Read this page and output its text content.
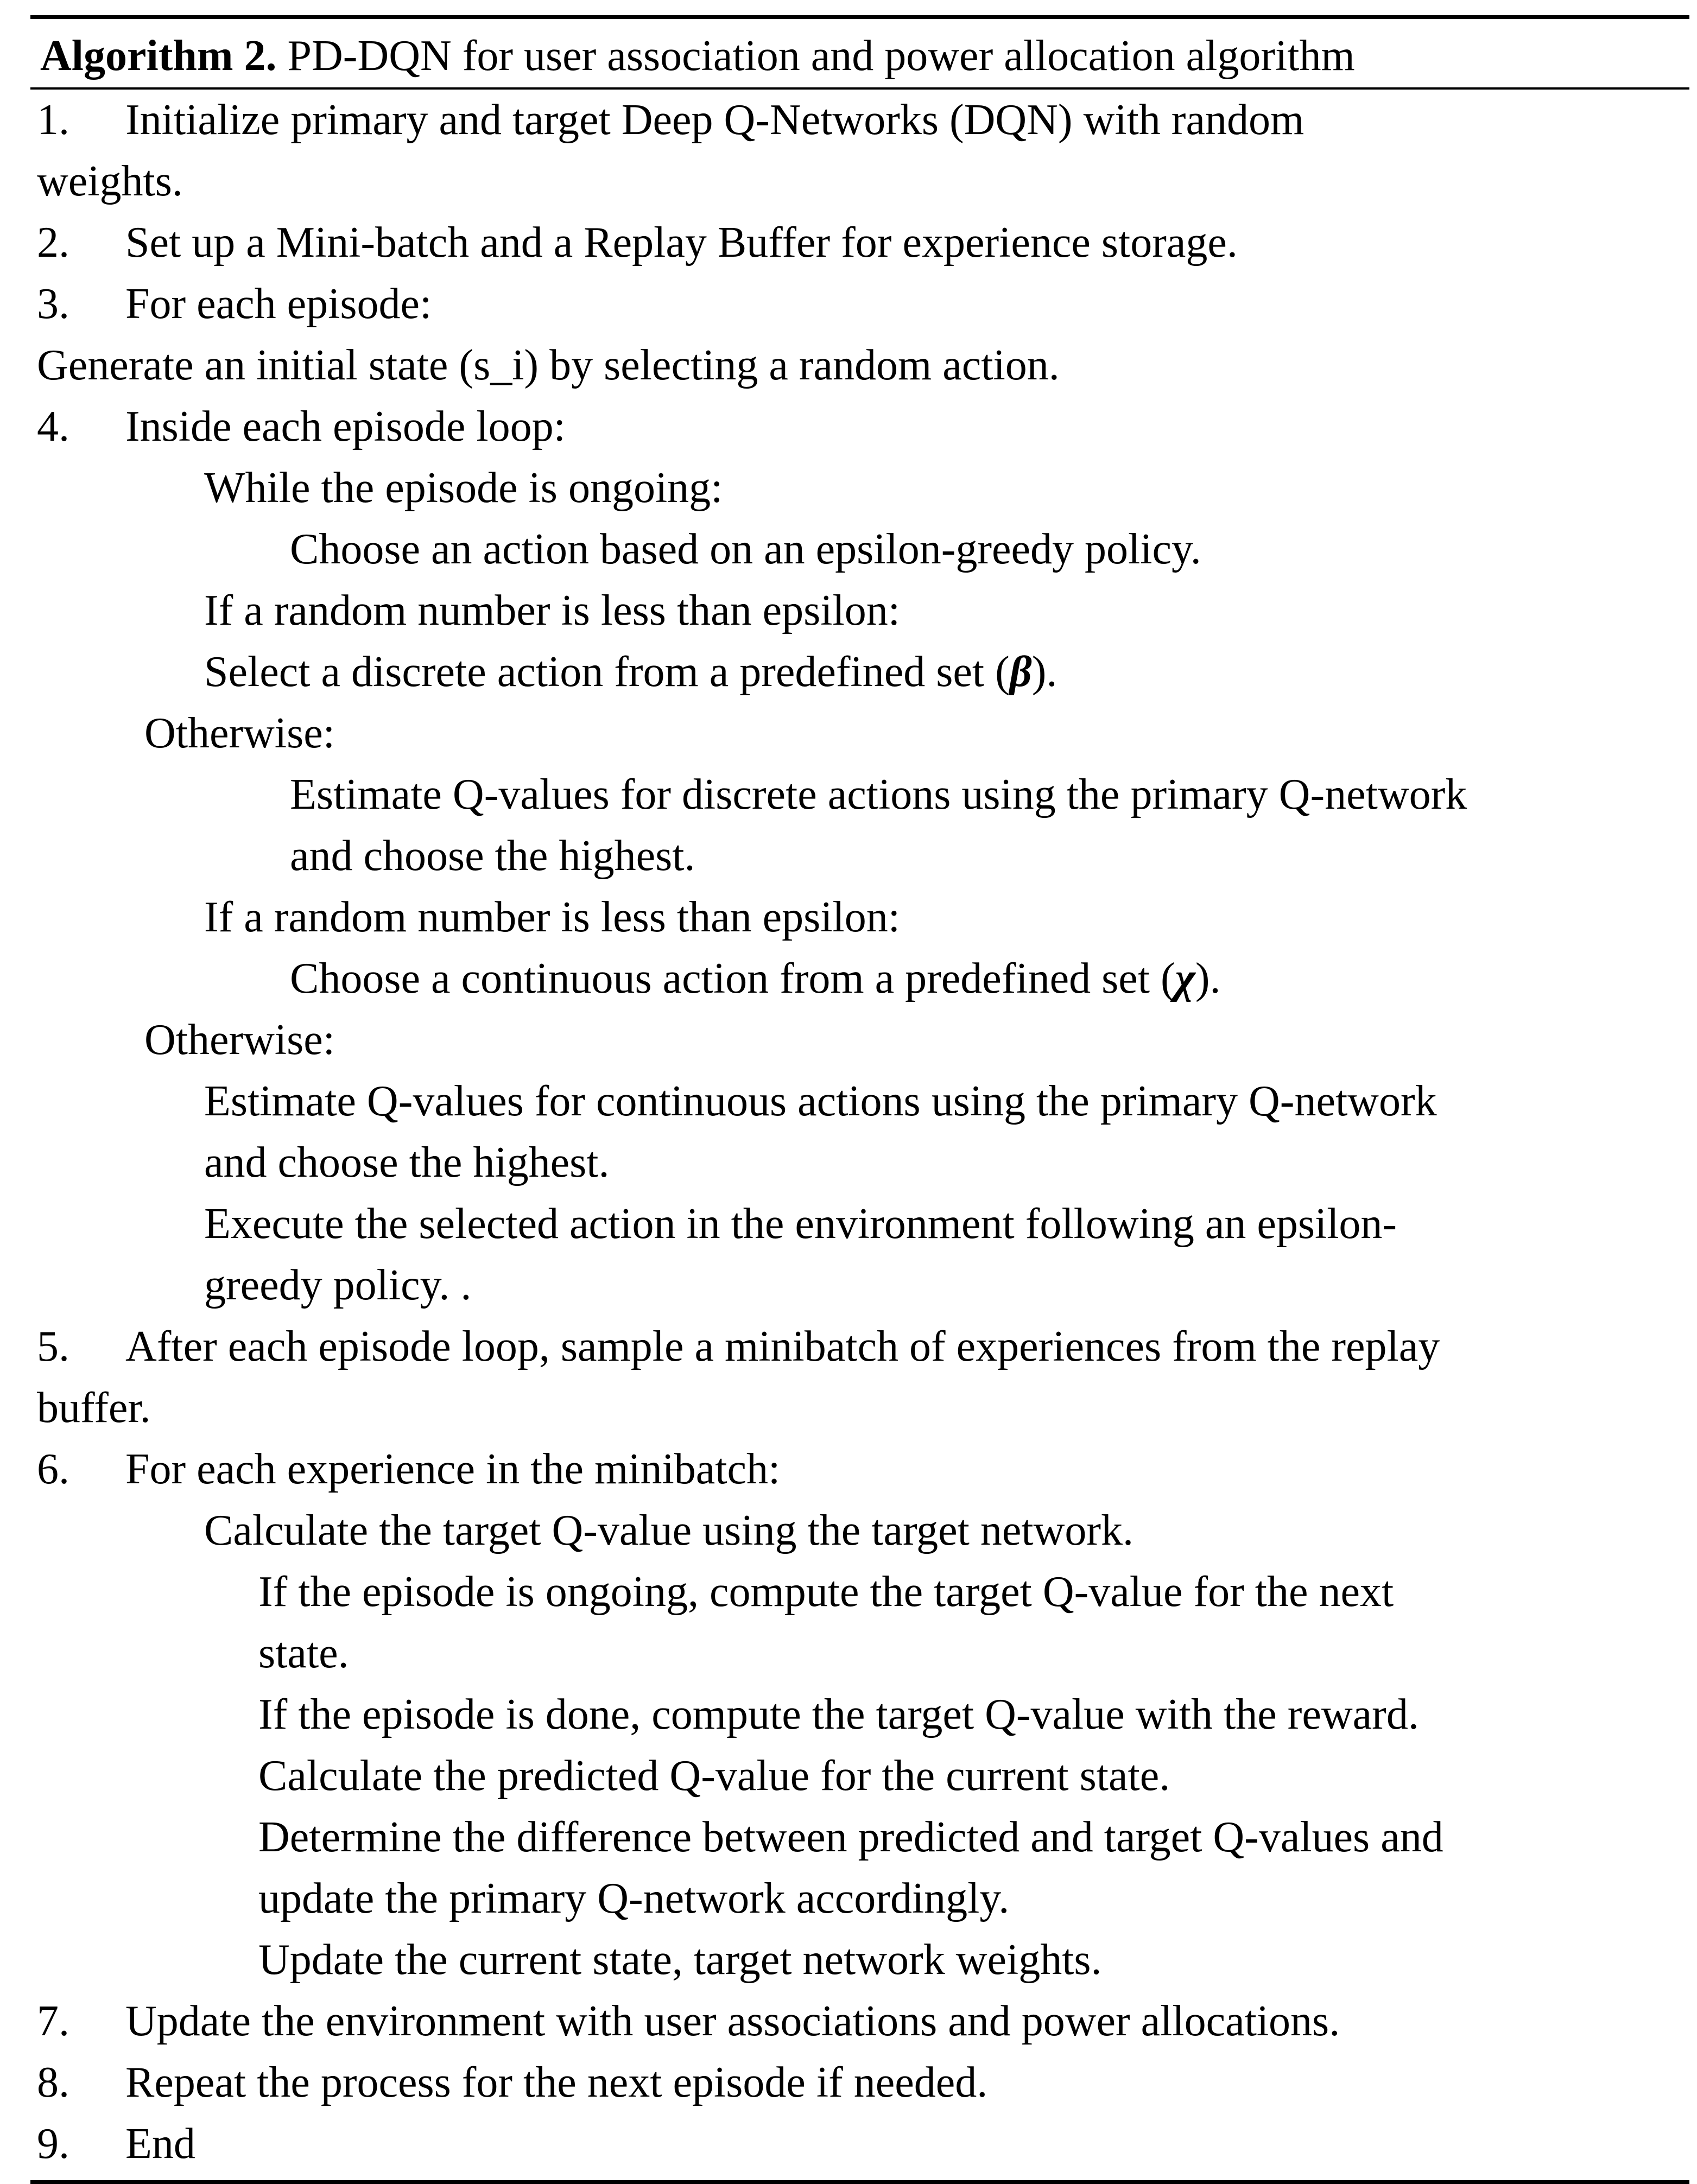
Algorithm 2. PD-DQN for user association and power allocation algorithm
1. Initialize primary and target Deep Q-Networks (DQN) with random
weights.
2. Set up a Mini-batch and a Replay Buffer for experience storage.
3. For each episode:
Generate an initial state (s_i) by selecting a random action.
4. Inside each episode loop:
While the episode is ongoing:
Choose an action based on an epsilon-greedy policy.
If a random number is less than epsilon:
Select a discrete action from a predefined set (β).
Otherwise:
Estimate Q-values for discrete actions using the primary Q-network
and choose the highest.
If a random number is less than epsilon:
Choose a continuous action from a predefined set (χ).
Otherwise:
Estimate Q-values for continuous actions using the primary Q-network
and choose the highest.
Execute the selected action in the environment following an epsilon-
greedy policy. .
5. After each episode loop, sample a minibatch of experiences from the replay
buffer.
6. For each experience in the minibatch:
Calculate the target Q-value using the target network.
If the episode is ongoing, compute the target Q-value for the next
state.
If the episode is done, compute the target Q-value with the reward.
Calculate the predicted Q-value for the current state.
Determine the difference between predicted and target Q-values and
update the primary Q-network accordingly.
Update the current state, target network weights.
7. Update the environment with user associations and power allocations.
8. Repeat the process for the next episode if needed.
9. End
